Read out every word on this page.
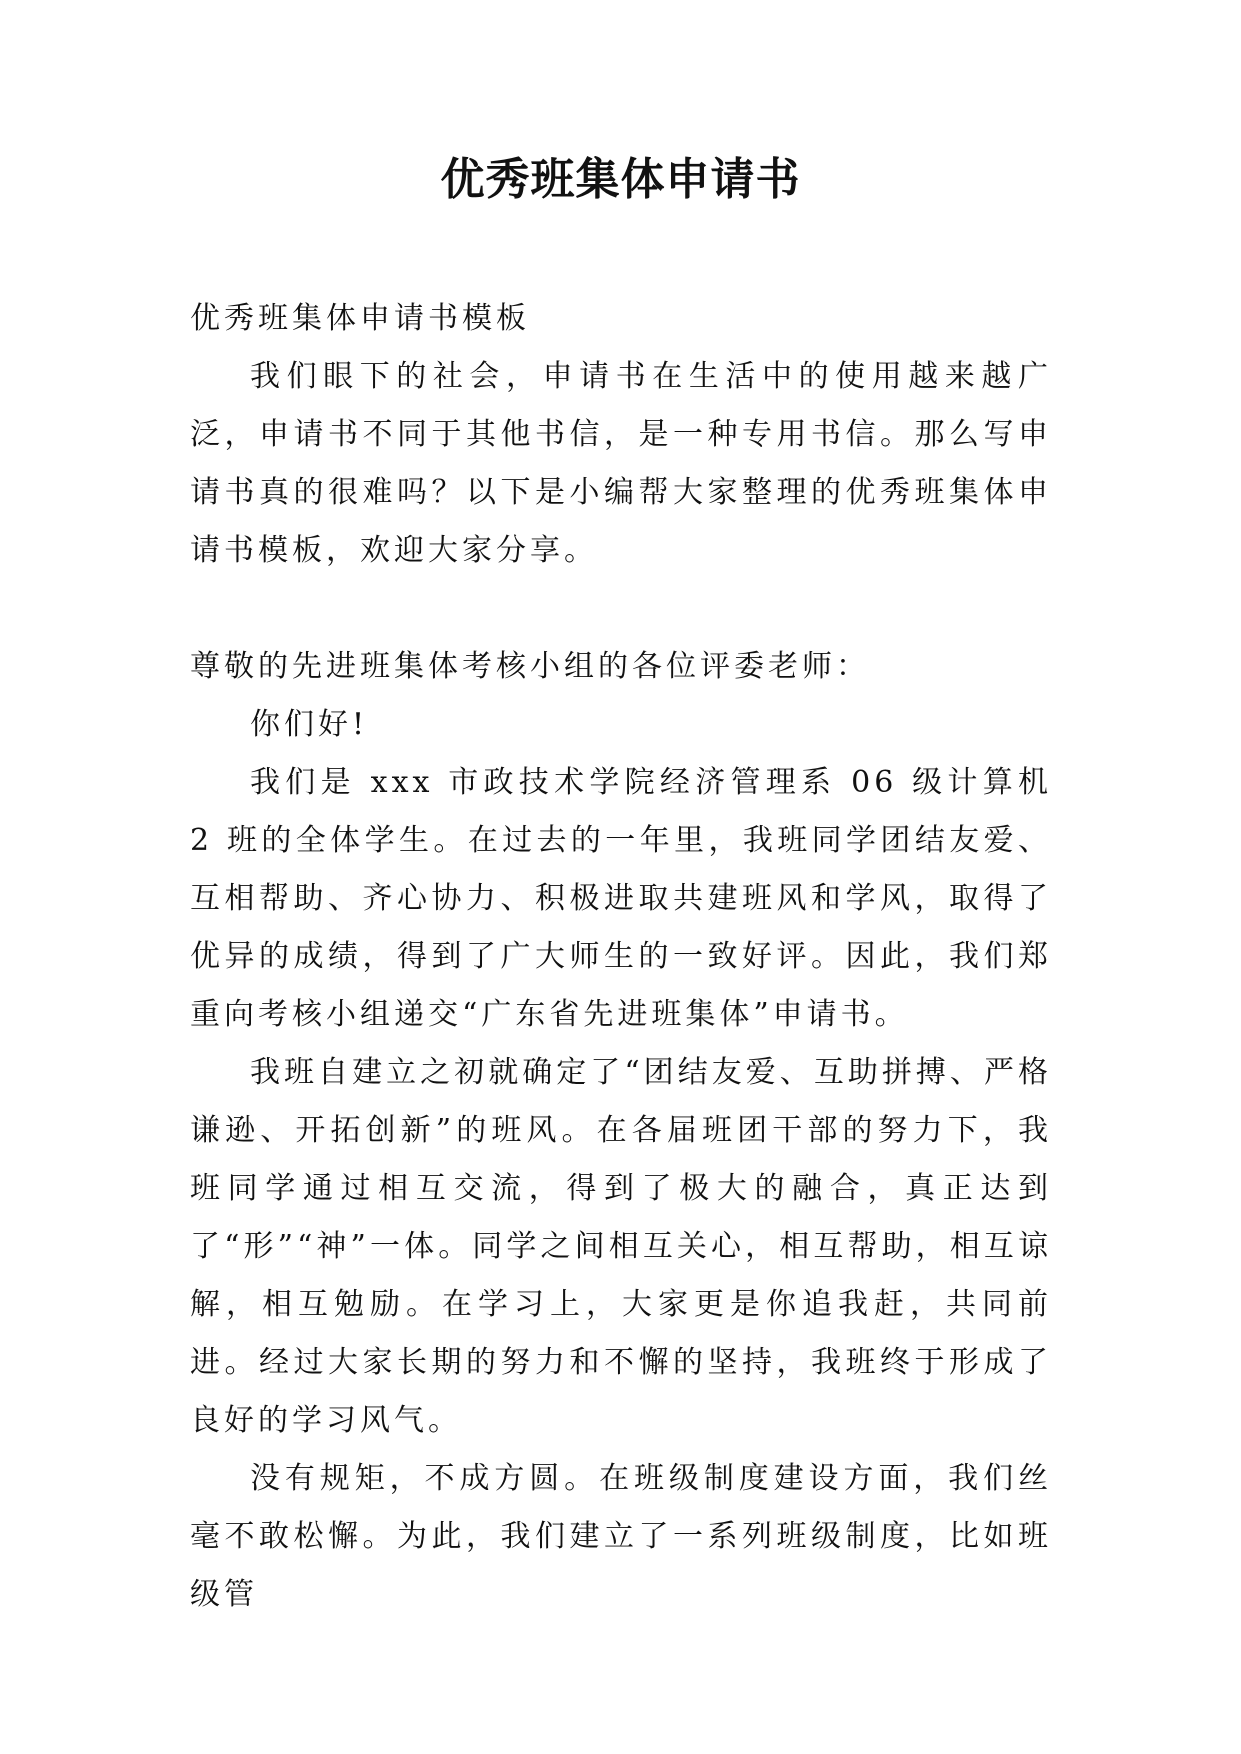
优秀班集体申请书

优秀班集体申请书模板

我们眼下的社会，申请书在生活中的使用越来越广泛，申请书不同于其他书信，是一种专用书信。那么写申请书真的很难吗？以下是小编帮大家整理的优秀班集体申请书模板，欢迎大家分享。

尊敬的先进班集体考核小组的各位评委老师：

你们好!

我们是 xxx 市政技术学院经济管理系 06 级计算机 2 班的全体学生。在过去的一年里，我班同学团结友爱、互相帮助、齐心协力、积极进取共建班风和学风，取得了优异的成绩，得到了广大师生的一致好评。因此，我们郑重向考核小组递交“广东省先进班集体”申请书。

我班自建立之初就确定了“团结友爱、互助拼搏、严格谦逊、开拓创新”的班风。在各届班团干部的努力下，我班同学通过相互交流，得到了极大的融合，真正达到了“形”“神”一体。同学之间相互关心，相互帮助，相互谅解，相互勉励。在学习上，大家更是你追我赶，共同前进。经过大家长期的努力和不懈的坚持，我班终于形成了良好的学习风气。

没有规矩，不成方圆。在班级制度建设方面，我们丝毫不敢松懈。为此，我们建立了一系列班级制度，比如班级管
